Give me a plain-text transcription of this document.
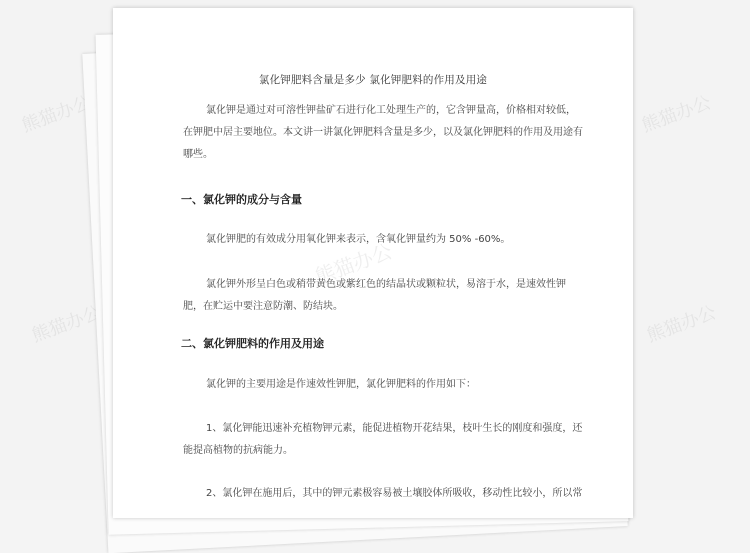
熊猫办公	熊猫办公
熊猫办公	熊猫办公
氯化钾肥料含量是多少 氯化钾肥料的作用及用途

氯化钾是通过对可溶性钾盐矿石进行化工处理生产的，它含钾量高，价格相对较低，在钾肥中居主要地位。本文讲一讲氯化钾肥料含量是多少，以及氯化钾肥料的作用及用途有哪些。

一、氯化钾的成分与含量

氯化钾肥的有效成分用氧化钾来表示，含氧化钾量约为 50% -60%。

氯化钾外形呈白色或稍带黄色或紫红色的结晶状或颗粒状，易溶于水，是速效性钾肥，在贮运中要注意防潮、防结块。

二、氯化钾肥料的作用及用途

氯化钾的主要用途是作速效性钾肥，氯化钾肥料的作用如下：

1、氯化钾能迅速补充植物钾元素，能促进植物开花结果，枝叶生长的刚度和强度，还能提高植物的抗病能力。

2、氯化钾在施用后，其中的钾元素极容易被土壤胶体所吸收，移动性比较小，所以常

熊猫办公
